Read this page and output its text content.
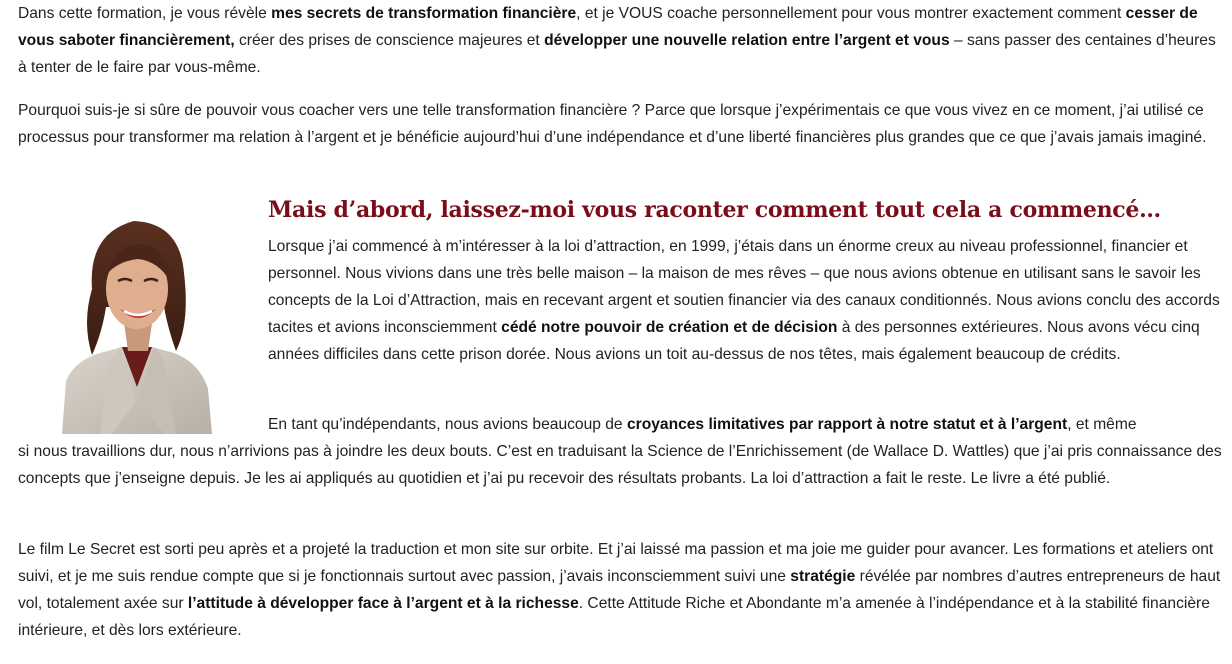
Dans cette formation, je vous révèle mes secrets de transformation financière, et je VOUS coache personnellement pour vous montrer exactement comment cesser de vous saboter financièrement, créer des prises de conscience majeures et développer une nouvelle relation entre l’argent et vous – sans passer des centaines d’heures à tenter de le faire par vous-même.

Pourquoi suis-je si sûre de pouvoir vous coacher vers une telle transformation financière ? Parce que lorsque j’expérimentais ce que vous vivez en ce moment, j’ai utilisé ce processus pour transformer ma relation à l’argent et je bénéficie aujourd’hui d’une indépendance et d’une liberté financières plus grandes que ce que j’avais jamais imaginé.

Mais d’abord, laissez-moi vous raconter comment tout cela a commencé…

Lorsque j’ai commencé à m’intéresser à la loi d’attraction, en 1999, j’étais dans un énorme creux au niveau professionnel, financier et personnel. Nous vivions dans une très belle maison – la maison de mes rêves – que nous avions obtenue en utilisant sans le savoir les concepts de la Loi d’Attraction, mais en recevant argent et soutien financier via des canaux conditionnés. Nous avions conclu des accords tacites et avions inconsciemment cédé notre pouvoir de création et de décision à des personnes extérieures. Nous avons vécu cinq années difficiles dans cette prison dorée. Nous avions un toit au-dessus de nos têtes, mais également beaucoup de crédits.

En tant qu’indépendants, nous avions beaucoup de croyances limitatives par rapport à notre statut et à l’argent, et même

si nous travaillions dur, nous n’arrivions pas à joindre les deux bouts. C’est en traduisant la Science de l’Enrichissement (de Wallace D. Wattles) que j’ai pris connaissance des concepts que j’enseigne depuis. Je les ai appliqués au quotidien et j’ai pu recevoir des résultats probants. La loi d’attraction a fait le reste. Le livre a été publié.

Le film Le Secret est sorti peu après et a projeté la traduction et mon site sur orbite. Et j’ai laissé ma passion et ma joie me guider pour avancer. Les formations et ateliers ont suivi, et je me suis rendue compte que si je fonctionnais surtout avec passion, j’avais inconsciemment suivi une stratégie révélée par nombres d’autres entrepreneurs de haut vol, totalement axée sur l’attitude à développer face à l’argent et à la richesse. Cette Attitude Riche et Abondante m’a amenée à l’indépendance et à la stabilité financière intérieure, et dès lors extérieure.
